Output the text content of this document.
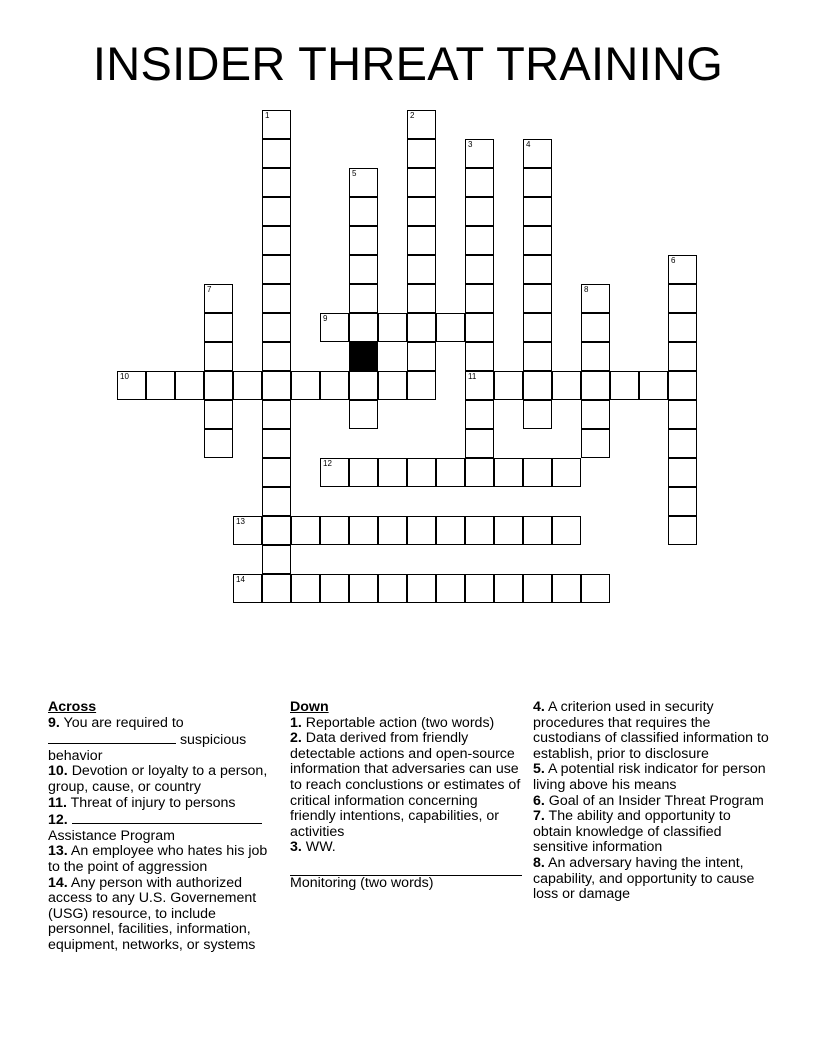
INSIDER THREAT TRAINING
1	2
3
11
4
5
6
7	8
9
10
12
13
14
Across
9. You are required to
suspicious behavior
10. Devotion or loyalty to a person, group, cause, or country
11. Threat of injury to persons
12.
Assistance Program
13. An employee who hates his job to the point of aggression
14. Any person with authorized access to any U.S. Governement (USG) resource, to include personnel, facilities, information, equipment, networks, or systems
Down
1. Reportable action (two words)
2. Data derived from friendly detectable actions and open-source information that adversaries can use to reach conclustions or estimates of critical information concerning friendly intentions, capabilities, or activities
3. WW.

Monitoring (two words)
4. A criterion used in security procedures that requires the custodians of classified information to establish, prior to disclosure
5. A potential risk indicator for person living above his means
6. Goal of an Insider Threat Program
7. The ability and opportunity to obtain knowledge of classified sensitive information
8. An adversary having the intent, capability, and opportunity to cause loss or damage
